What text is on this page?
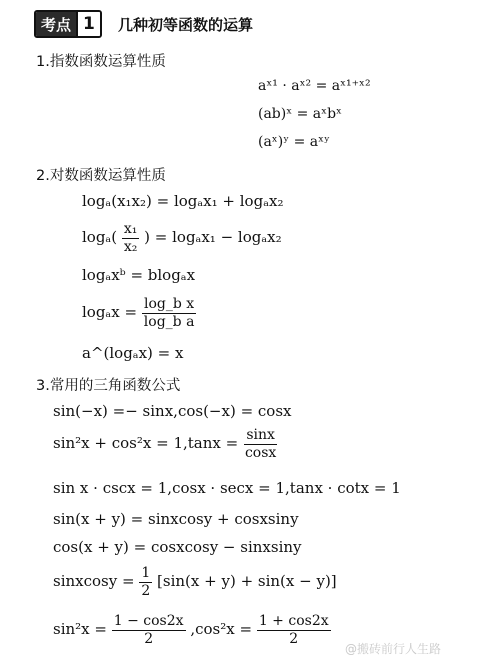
考点 1	几种初等函数的运算
1.指数函数运算性质
aˣ¹ · aˣ² = aˣ¹⁺ˣ²
(ab)ˣ = aˣbˣ
(aˣ)ʸ = aˣʸ
2.对数函数运算性质
logₐ(x₁x₂) = logₐx₁ + logₐx₂
$\log_a( \frac{\text{x₁}}{\text{x₂}}$ ) = logₐx₁ − logₐx₂
logₐxᵇ = blogₐx
$\log_ax = \frac{\text{log\_b x}}{\text{log\_b a}}$
a^(logₐx) = x
3.常用的三角函数公式
sin(−x) =− sinx,cos(−x) = cosx
$\sin^2x + \cos^2x = 1,\tan x = \frac{\sin x}{\cos x}$
sin x · cscx = 1,cosx · secx = 1,tanx · cotx = 1
sin(x + y) = sinxcosy + cosxsiny
cos(x + y) = cosxcosy − sinxsiny
sinxcosy = $\frac{1}{2} [\sin(x + y) + \sin(x - y)]$
$\sin^2x = \frac{1 - \cos 2x}{2} ,\cos^2x = \frac{1 + \cos 2x}{2}$
@搬砖前行人生路
